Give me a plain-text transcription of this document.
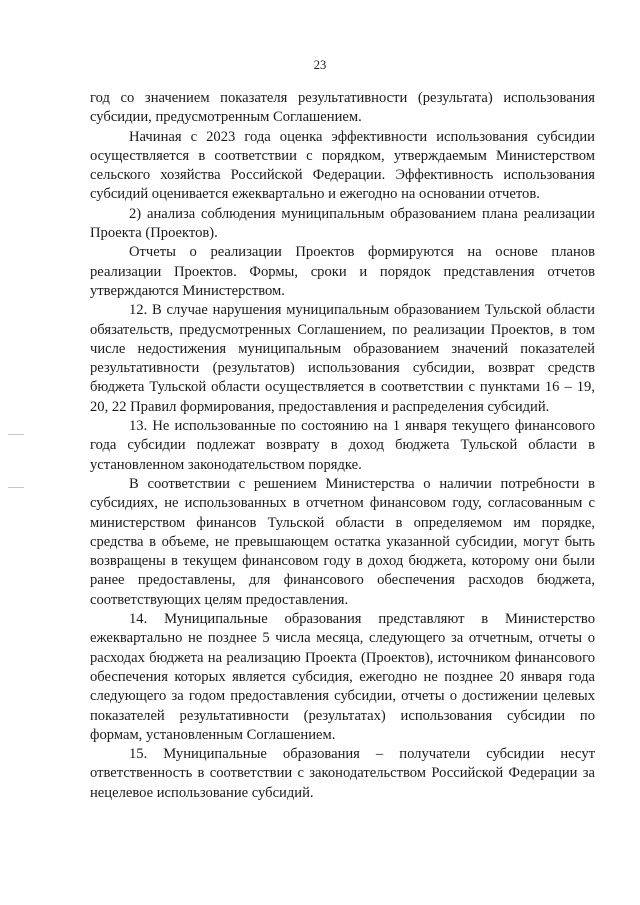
23

год со значением показателя результативности (результата) использования субсидии, предусмотренным Соглашением.

Начиная с 2023 года оценка эффективности использования субсидии осуществляется в соответствии с порядком, утверждаемым Министерством сельского хозяйства Российской Федерации. Эффективность использования субсидий оценивается ежеквартально и ежегодно на основании отчетов.

2) анализа соблюдения муниципальным образованием плана реализации Проекта (Проектов).

Отчеты о реализации Проектов формируются на основе планов реализации Проектов. Формы, сроки и порядок представления отчетов утверждаются Министерством.

12. В случае нарушения муниципальным образованием Тульской области обязательств, предусмотренных Соглашением, по реализации Проектов, в том числе недостижения муниципальным образованием значений показателей результативности (результатов) использования субсидии, возврат средств бюджета Тульской области осуществляется в соответствии с пунктами 16 – 19, 20, 22 Правил формирования, предоставления и распределения субсидий.

13. Не использованные по состоянию на 1 января текущего финансового года субсидии подлежат возврату в доход бюджета Тульской области в установленном законодательством порядке.

В соответствии с решением Министерства о наличии потребности в субсидиях, не использованных в отчетном финансовом году, согласованным с министерством финансов Тульской области в определяемом им порядке, средства в объеме, не превышающем остатка указанной субсидии, могут быть возвращены в текущем финансовом году в доход бюджета, которому они были ранее предоставлены, для финансового обеспечения расходов бюджета, соответствующих целям предоставления.

14. Муниципальные образования представляют в Министерство ежеквартально не позднее 5 числа месяца, следующего за отчетным, отчеты о расходах бюджета на реализацию Проекта (Проектов), источником финансового обеспечения которых является субсидия, ежегодно не позднее 20 января года следующего за годом предоставления субсидии, отчеты о достижении целевых показателей результативности (результатах) использования субсидии по формам, установленным Соглашением.

15. Муниципальные образования – получатели субсидии несут ответственность в соответствии с законодательством Российской Федерации за нецелевое использование субсидий.
